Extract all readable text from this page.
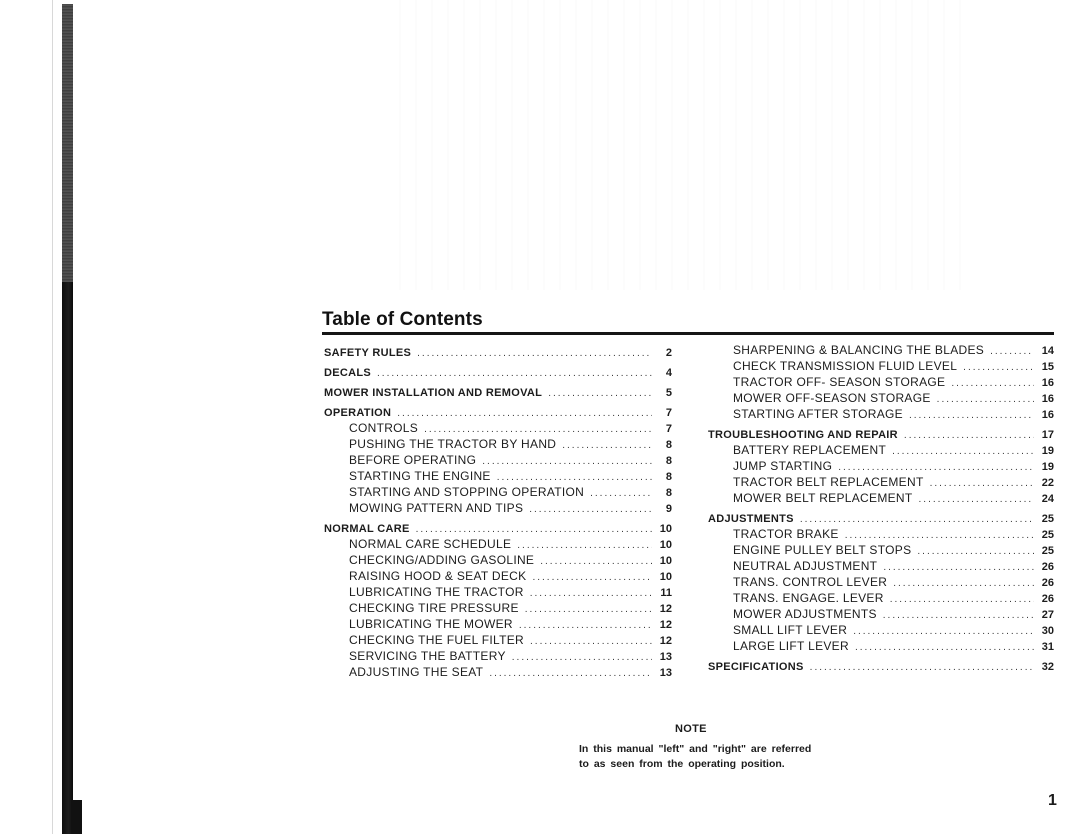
Table of Contents
SAFETY RULES .....	2
DECALS .....	4
MOWER INSTALLATION AND REMOVAL .....	5
OPERATION .....	7
CONTROLS .....	7
PUSHING THE TRACTOR BY HAND .....	8
BEFORE OPERATING .....	8
STARTING THE ENGINE .....	8
STARTING AND STOPPING OPERATION .....	8
MOWING PATTERN AND TIPS .....	9
NORMAL CARE .....	10
NORMAL CARE SCHEDULE .....	10
CHECKING/ADDING GASOLINE .....	10
RAISING HOOD & SEAT DECK .....	10
LUBRICATING THE TRACTOR .....	11
CHECKING TIRE PRESSURE .....	12
LUBRICATING THE MOWER .....	12
CHECKING THE FUEL FILTER .....	12
SERVICING THE BATTERY .....	13
ADJUSTING THE SEAT .....	13
SHARPENING & BALANCING THE BLADES .....	14
CHECK TRANSMISSION FLUID LEVEL .....	15
TRACTOR OFF- SEASON STORAGE .....	16
MOWER OFF-SEASON STORAGE .....	16
STARTING AFTER STORAGE .....	16
TROUBLESHOOTING AND REPAIR .....	17
BATTERY REPLACEMENT .....	19
JUMP STARTING .....	19
TRACTOR BELT REPLACEMENT .....	22
MOWER BELT REPLACEMENT .....	24
ADJUSTMENTS .....	25
TRACTOR BRAKE .....	25
ENGINE PULLEY BELT STOPS .....	25
NEUTRAL ADJUSTMENT .....	26
TRANS. CONTROL LEVER .....	26
TRANS. ENGAGE. LEVER .....	26
MOWER ADJUSTMENTS .....	27
SMALL LIFT LEVER .....	30
LARGE LIFT LEVER .....	31
SPECIFICATIONS .....	32
NOTE
In this manual "left" and "right" are referred to as seen from the operating position.
1
